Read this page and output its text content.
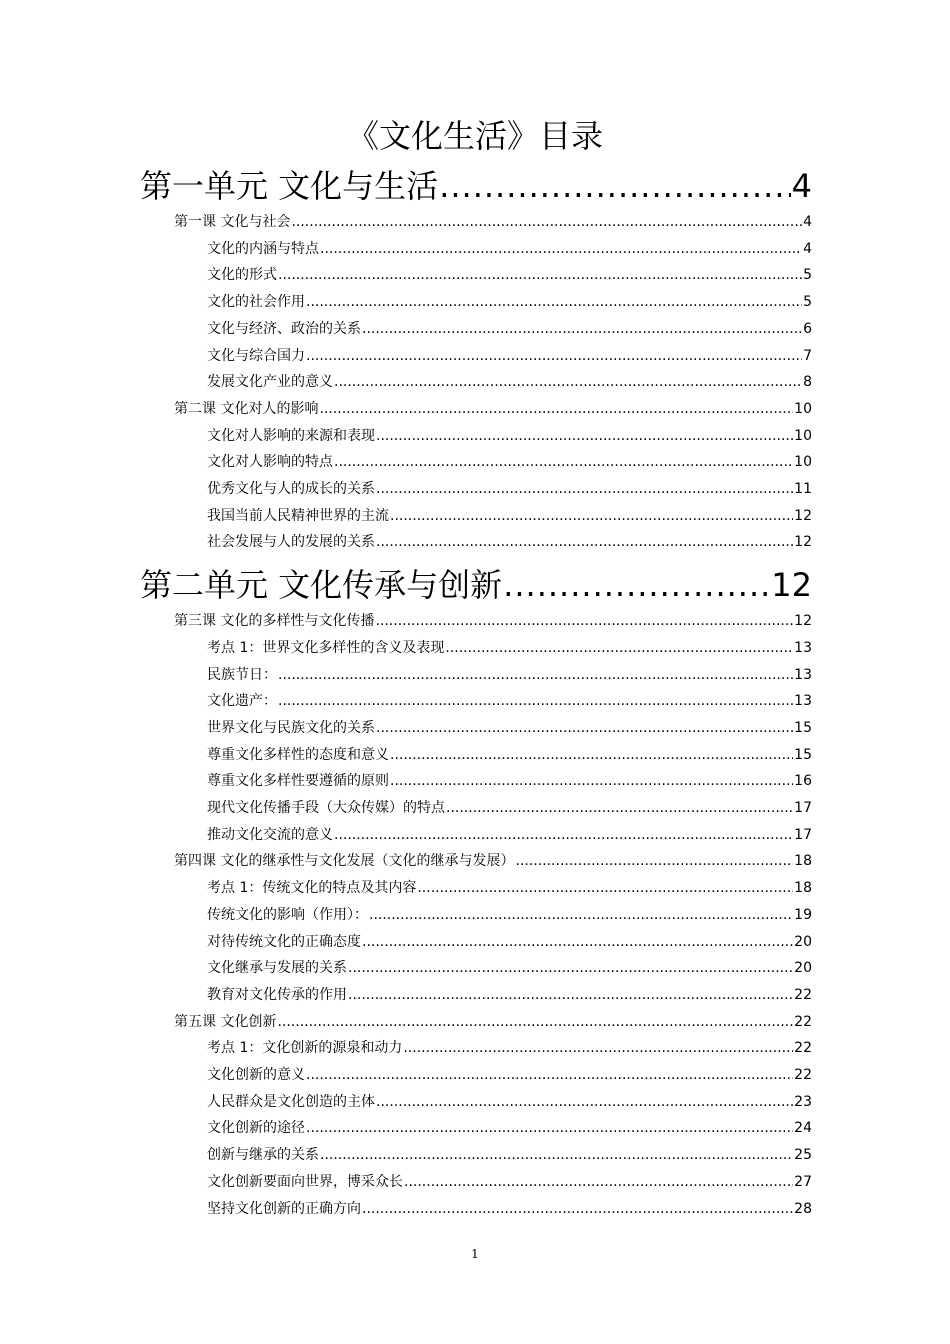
《文化生活》目录
第一单元 文化与生活 .....	4
第一课 文化与社会 .....	4
文化的内涵与特点 .....	4
文化的形式 .....	5
文化的社会作用 .....	5
文化与经济、政治的关系 .....	6
文化与综合国力 .....	7
发展文化产业的意义 .....	8
第二课 文化对人的影响 .....	10
文化对人影响的来源和表现 .....	10
文化对人影响的特点 .....	10
优秀文化与人的成长的关系 .....	11
我国当前人民精神世界的主流 .....	12
社会发展与人的发展的关系 .....	12
第二单元 文化传承与创新 .....	12
第三课 文化的多样性与文化传播 .....	12
考点 1：世界文化多样性的含义及表现 .....	13
民族节日： .....	13
文化遗产： .....	13
世界文化与民族文化的关系 .....	15
尊重文化多样性的态度和意义 .....	15
尊重文化多样性要遵循的原则 .....	16
现代文化传播手段（大众传媒）的特点 .....	17
推动文化交流的意义 .....	17
第四课 文化的继承性与文化发展（文化的继承与发展） .....	18
考点 1：传统文化的特点及其内容 .....	18
传统文化的影响（作用）： .....	19
对待传统文化的正确态度 .....	20
文化继承与发展的关系 .....	20
教育对文化传承的作用 .....	22
第五课 文化创新 .....	22
考点 1：文化创新的源泉和动力 .....	22
文化创新的意义 .....	22
人民群众是文化创造的主体 .....	23
文化创新的途径 .....	24
创新与继承的关系 .....	25
文化创新要面向世界，博采众长 .....	27
坚持文化创新的正确方向 .....	28
1
